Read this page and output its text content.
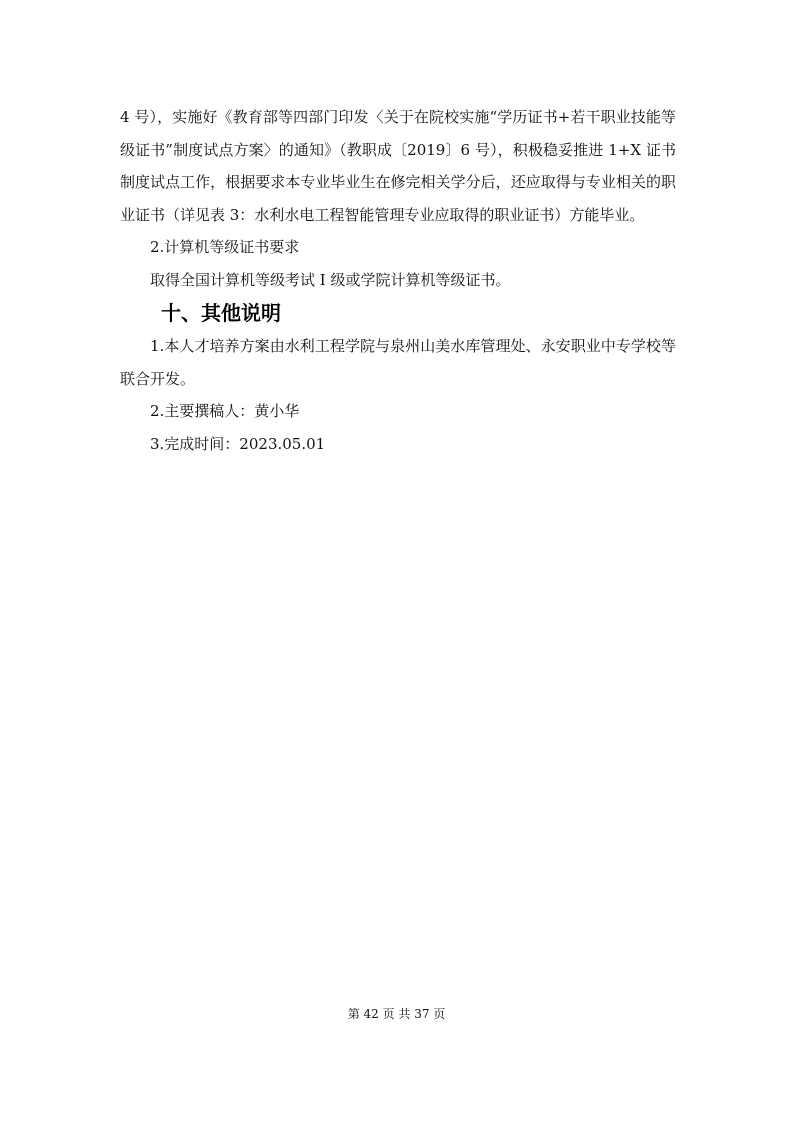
4 号），实施好《教育部等四部门印发〈关于在院校实施“学历证书+若干职业技能等级证书”制度试点方案〉的通知》（教职成〔2019〕6 号），积极稳妥推进 1+X 证书制度试点工作，根据要求本专业毕业生在修完相关学分后，还应取得与专业相关的职业证书（详见表 3：水利水电工程智能管理专业应取得的职业证书）方能毕业。

2.计算机等级证书要求

取得全国计算机等级考试 I 级或学院计算机等级证书。

十、其他说明

1.本人才培养方案由水利工程学院与泉州山美水库管理处、永安职业中专学校等联合开发。

2.主要撰稿人：黄小华

3.完成时间：2023.05.01

第 42 页 共 37 页
